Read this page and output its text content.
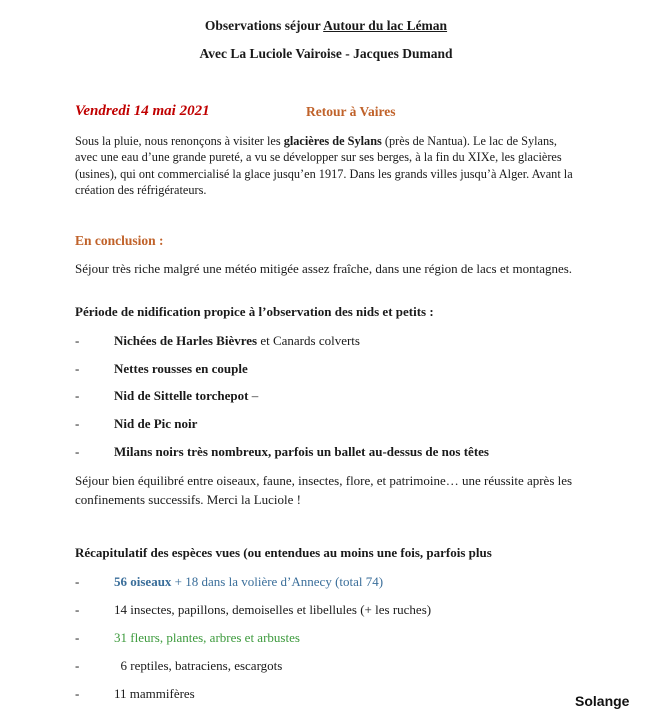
Observations séjour Autour du lac Léman
Avec La Luciole Vairoise - Jacques Dumand
Vendredi 14 mai 2021	Retour à Vaires
Sous la pluie, nous renonçons à visiter les glacières de Sylans (près de Nantua). Le lac de Sylans, avec une eau d’une grande pureté, a vu se développer sur ses berges, à la fin du XIXe, les glacières (usines), qui ont commercialisé la glace jusqu’en 1917. Dans les grands villes jusqu’à Alger. Avant la création des réfrigérateurs.
En conclusion :
Séjour très riche malgré une météo mitigée assez fraîche, dans une région de lacs et montagnes.
Période de nidification propice à l’observation des nids et petits :
-	Nichées de Harles Bièvres et Canards colverts
-	Nettes rousses en couple
-	Nid de Sittelle torchepot –
-	Nid de Pic noir
-	Milans noirs très nombreux, parfois un ballet au-dessus de nos têtes
Séjour bien équilibré entre oiseaux, faune, insectes, flore, et patrimoine… une réussite après les confinements successifs. Merci la Luciole !
Récapitulatif des espèces vues (ou entendues au moins une fois, parfois plus
-	56 oiseaux + 18 dans la volière d’Annecy (total 74)
-	14 insectes, papillons, demoiselles et libellules (+ les ruches)
-	31 fleurs, plantes, arbres et arbustes
-	6 reptiles, batraciens, escargots
-	11 mammifères	Solange
